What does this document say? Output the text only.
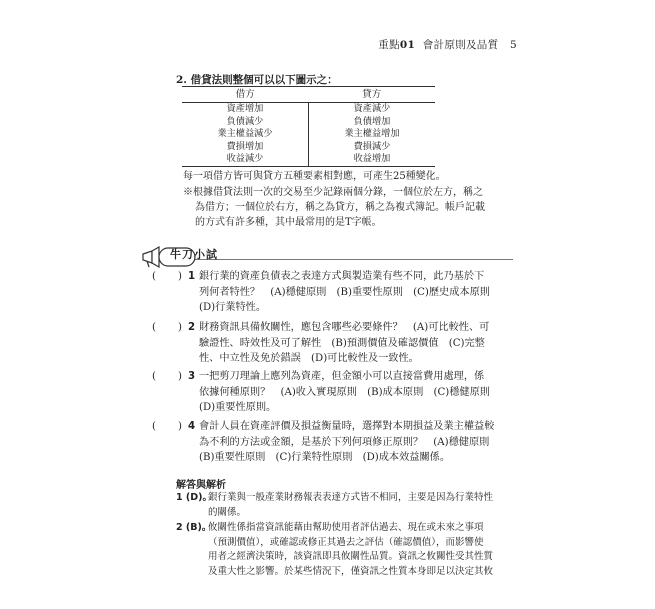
重點01 會計原則及品質 5
2. 借貸法則整個可以以下圖示之：
借方	貸方
資產增加
負債減少
業主權益減少
費損增加
收益減少
資產減少
負債增加
業主權益增加
費損減少
收益增加
每一項借方皆可與貸方五種要素相對應，可產生25種變化。
※根據借貸法則一次的交易至少記錄兩個分錄，一個位於左方，稱之
為借方；一個位於右方，稱之為貸方，稱之為複式簿記。帳戶記載
的方式有許多種，其中最常用的是T字帳。
牛刀小試
( ) 1 銀行業的資產負債表之表達方式與製造業有些不同，此乃基於下
列何者特性？　(A)穩健原則　(B)重要性原則　(C)歷史成本原則
(D)行業特性。
( ) 2 財務資訊具備攸關性，應包含哪些必要條件？　(A)可比較性、可
驗證性、時效性及可了解性　(B)預測價值及確認價值　(C)完整
性、中立性及免於錯誤　(D)可比較性及一致性。
( ) 3 一把剪刀理論上應列為資產，但金額小可以直接當費用處理，係
依據何種原則？　(A)收入實現原則　(B)成本原則　(C)穩健原則
(D)重要性原則。
( ) 4 會計人員在資產評價及損益衡量時，選擇對本期損益及業主權益較
為不利的方法或金額，是基於下列何項修正原則？　(A)穩健原則
(B)重要性原則　(C)行業特性原則　(D)成本效益關係。
解答與解析
1 (D)。
銀行業與一般產業財務報表表達方式皆不相同，主要是因為行業特性
的關係。
2 (B)。
攸關性係指當資訊能藉由幫助使用者評估過去、現在或未來之事項
（預測價值），或確認或修正其過去之評估（確認價值），而影響使
用者之經濟決策時，該資訊即具攸關性品質。資訊之攸關性受其性質
及重大性之影響。於某些情況下，僅資訊之性質本身即足以決定其攸
